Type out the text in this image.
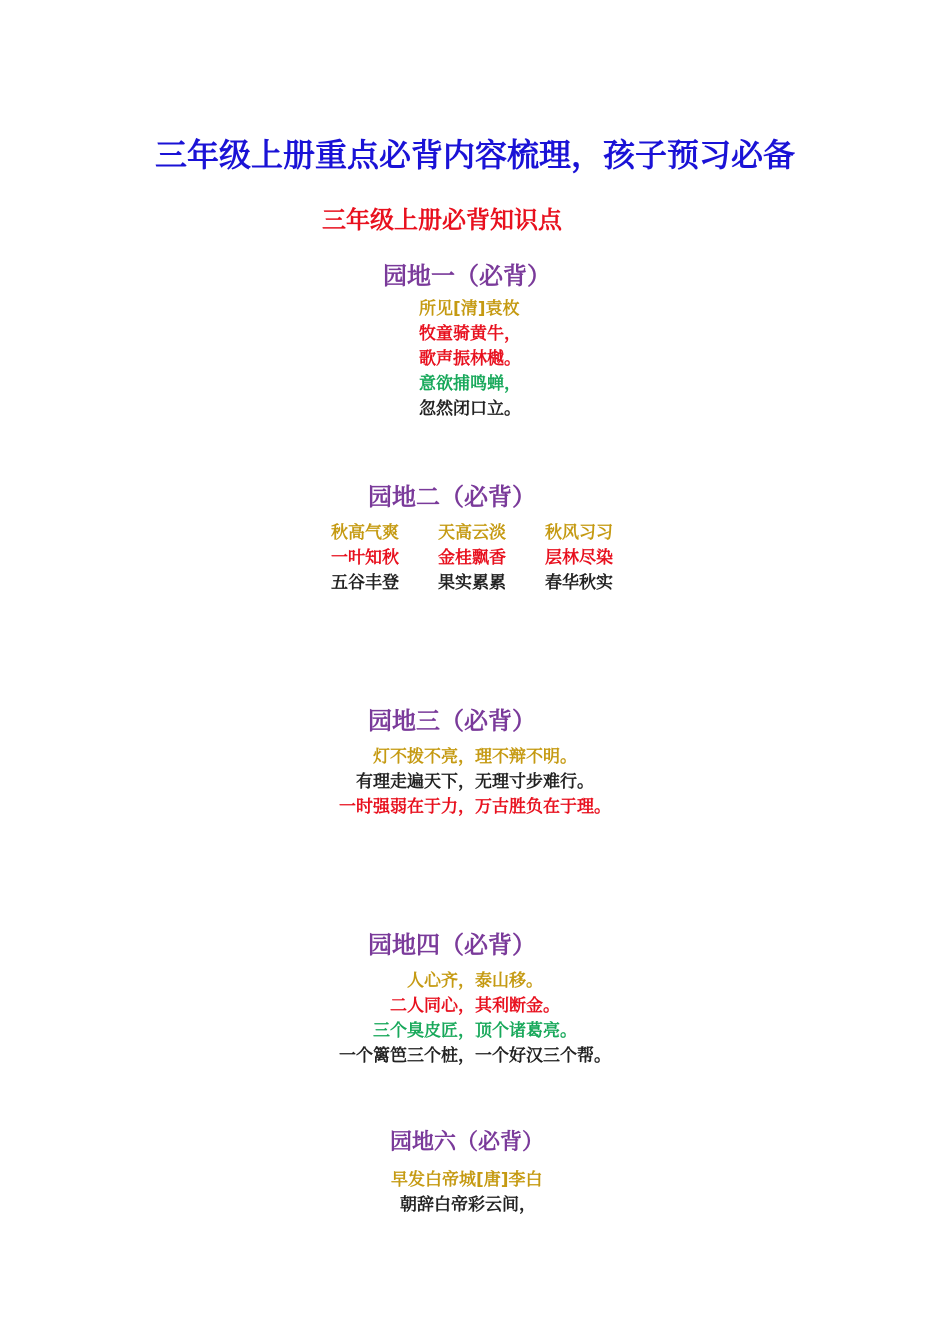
三年级上册重点必背内容梳理，孩子预习必备
三年级上册必背知识点
园地一（必背）
所见[清]袁枚
牧童骑黄牛，
歌声振林樾。
意欲捕鸣蝉，
忽然闭口立。
园地二（必背）
秋高气爽 天高云淡 秋风习习
一叶知秋 金桂飘香 层林尽染
五谷丰登 果实累累 春华秋实
园地三（必背）
灯不拨不亮，理不辩不明。
有理走遍天下，无理寸步难行。
一时强弱在于力，万古胜负在于理。
园地四（必背）
人心齐，泰山移。
二人同心，其利断金。
三个臭皮匠，顶个诸葛亮。
一个篱笆三个桩，一个好汉三个帮。
园地六（必背）
早发白帝城[唐]李白
朝辞白帝彩云间，
